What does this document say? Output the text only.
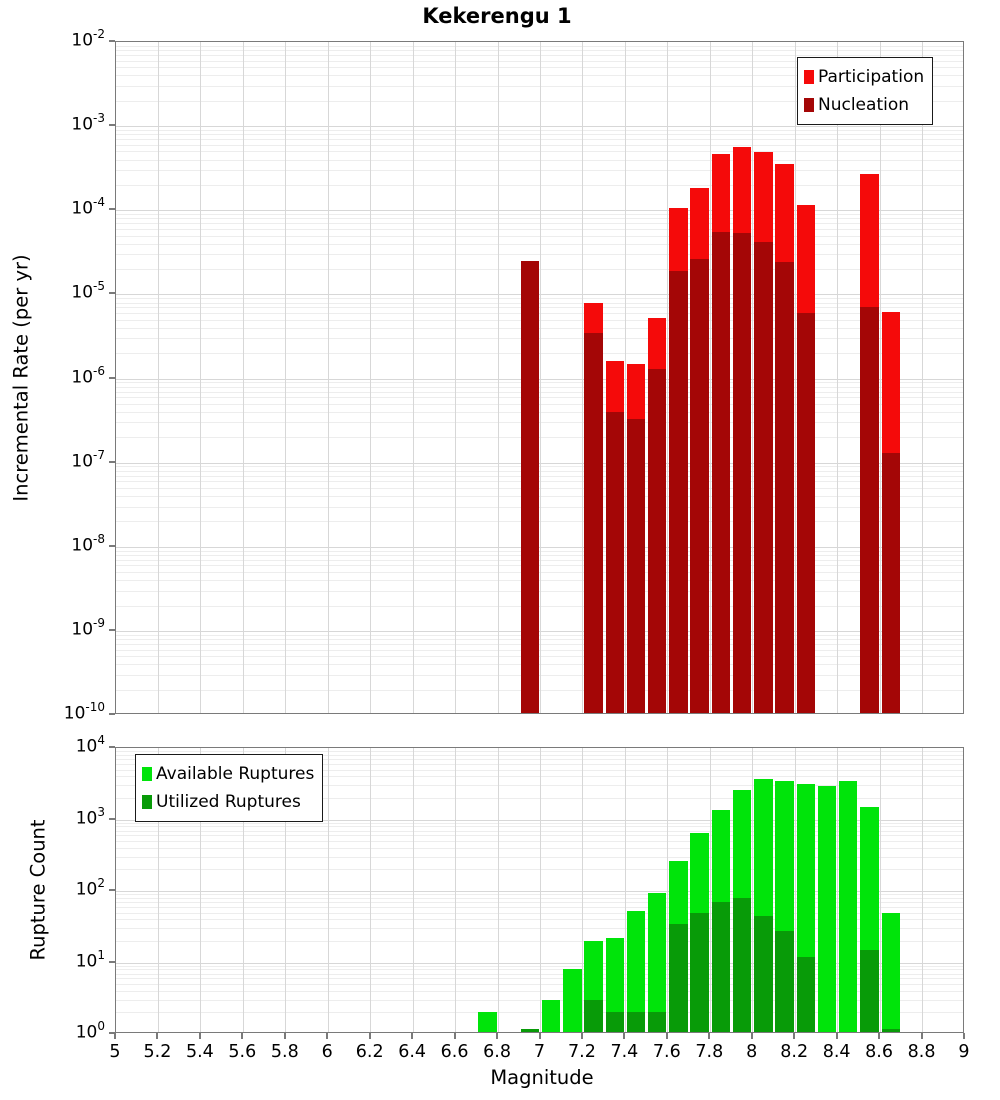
Kekerengu 1
Incremental Rate (per yr)
Rupture Count
Magnitude
Participation
Nucleation
Available Ruptures
Utilized Ruptures
$10^{-2}$
$10^{-3}$
$10^{-4}$
$10^{-5}$
$10^{-6}$
$10^{-7}$
$10^{-8}$
$10^{-9}$
$10^{-10}$
$10^4$
$10^3$
$10^2$
$10^1$
$10^0$
5	5.2 5.4 5.6 5.8	6	6.2 6.4 6.6 6.8	7	7.2 7.4 7.6 7.8	8	8.2 8.4 8.6 8.8	9
